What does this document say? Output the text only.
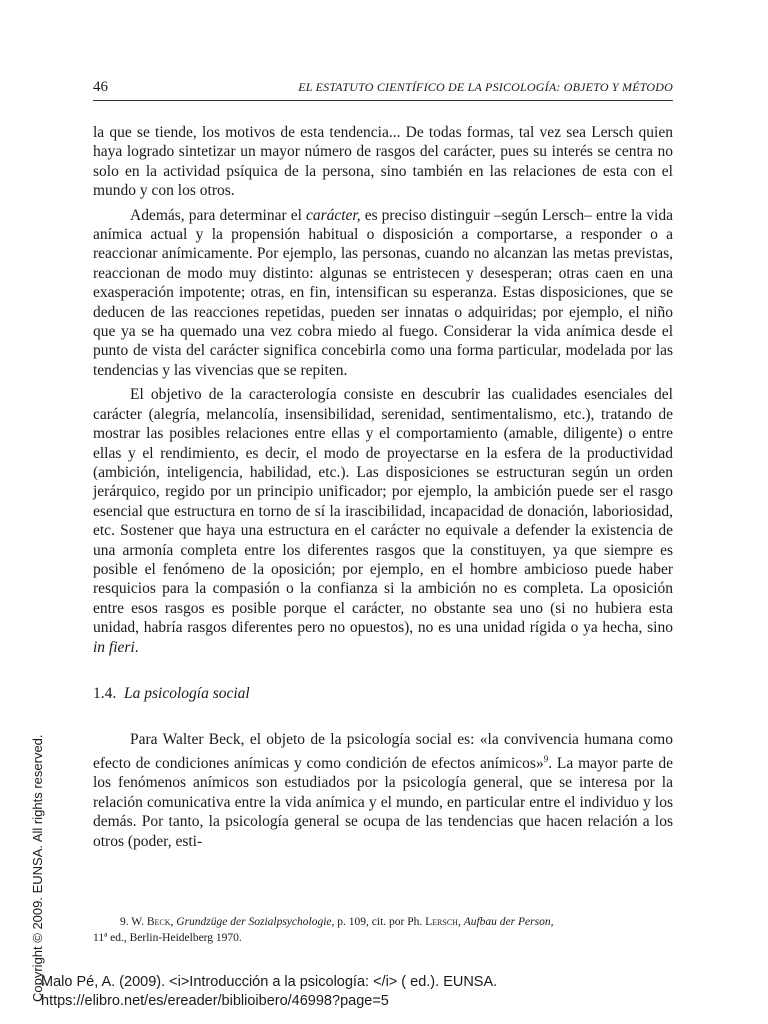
46	EL ESTATUTO CIENTÍFICO DE LA PSICOLOGÍA: OBJETO Y MÉTODO

la que se tiende, los motivos de esta tendencia... De todas formas, tal vez sea Lersch quien haya logrado sintetizar un mayor número de rasgos del carácter, pues su interés se centra no solo en la actividad psíquica de la persona, sino también en las relaciones de esta con el mundo y con los otros.

Además, para determinar el carácter, es preciso distinguir –según Lersch– entre la vida anímica actual y la propensión habitual o disposición a comportarse, a responder o a reaccionar anímicamente. Por ejemplo, las personas, cuando no alcanzan las metas previstas, reaccionan de modo muy distinto: algunas se entristecen y desesperan; otras caen en una exasperación impotente; otras, en fin, intensifican su esperanza. Estas disposiciones, que se deducen de las reacciones repetidas, pueden ser innatas o adquiridas; por ejemplo, el niño que ya se ha quemado una vez cobra miedo al fuego. Considerar la vida anímica desde el punto de vista del carácter significa concebirla como una forma particular, modelada por las tendencias y las vivencias que se repiten.

El objetivo de la caracterología consiste en descubrir las cualidades esenciales del carácter (alegría, melancolía, insensibilidad, serenidad, sentimentalismo, etc.), tratando de mostrar las posibles relaciones entre ellas y el comportamiento (amable, diligente) o entre ellas y el rendimiento, es decir, el modo de proyectarse en la esfera de la productividad (ambición, inteligencia, habilidad, etc.). Las disposiciones se estructuran según un orden jerárquico, regido por un principio unificador; por ejemplo, la ambición puede ser el rasgo esencial que estructura en torno de sí la irascibilidad, incapacidad de donación, laboriosidad, etc. Sostener que haya una estructura en el carácter no equivale a defender la existencia de una armonía completa entre los diferentes rasgos que la constituyen, ya que siempre es posible el fenómeno de la oposición; por ejemplo, en el hombre ambicioso puede haber resquicios para la compasión o la confianza si la ambición no es completa. La oposición entre esos rasgos es posible porque el carácter, no obstante sea uno (si no hubiera esta unidad, habría rasgos diferentes pero no opuestos), no es una unidad rígida o ya hecha, sino in fieri.

1.4. La psicología social

Para Walter Beck, el objeto de la psicología social es: «la convivencia humana como efecto de condiciones anímicas y como condición de efectos anímicos»$^9$. La mayor parte de los fenómenos anímicos son estudiados por la psicología general, que se interesa por la relación comunicativa entre la vida anímica y el mundo, en particular entre el individuo y los demás. Por tanto, la psicología general se ocupa de las tendencias que hacen relación a los otros (poder, esti-

9. W. Beck, Grundzüge der Sozialpsychologie, p. 109, cit. por Ph. Lersch, Aufbau der Person,

11ª ed., Berlin-Heidelberg 1970.

Copyright © 2009. EUNSA. All rights reserved.
Malo Pé, A. (2009). <i>Introducción a la psicología: </i> ( ed.). EUNSA. https://elibro.net/es/ereader/biblioibero/46998?page=5
